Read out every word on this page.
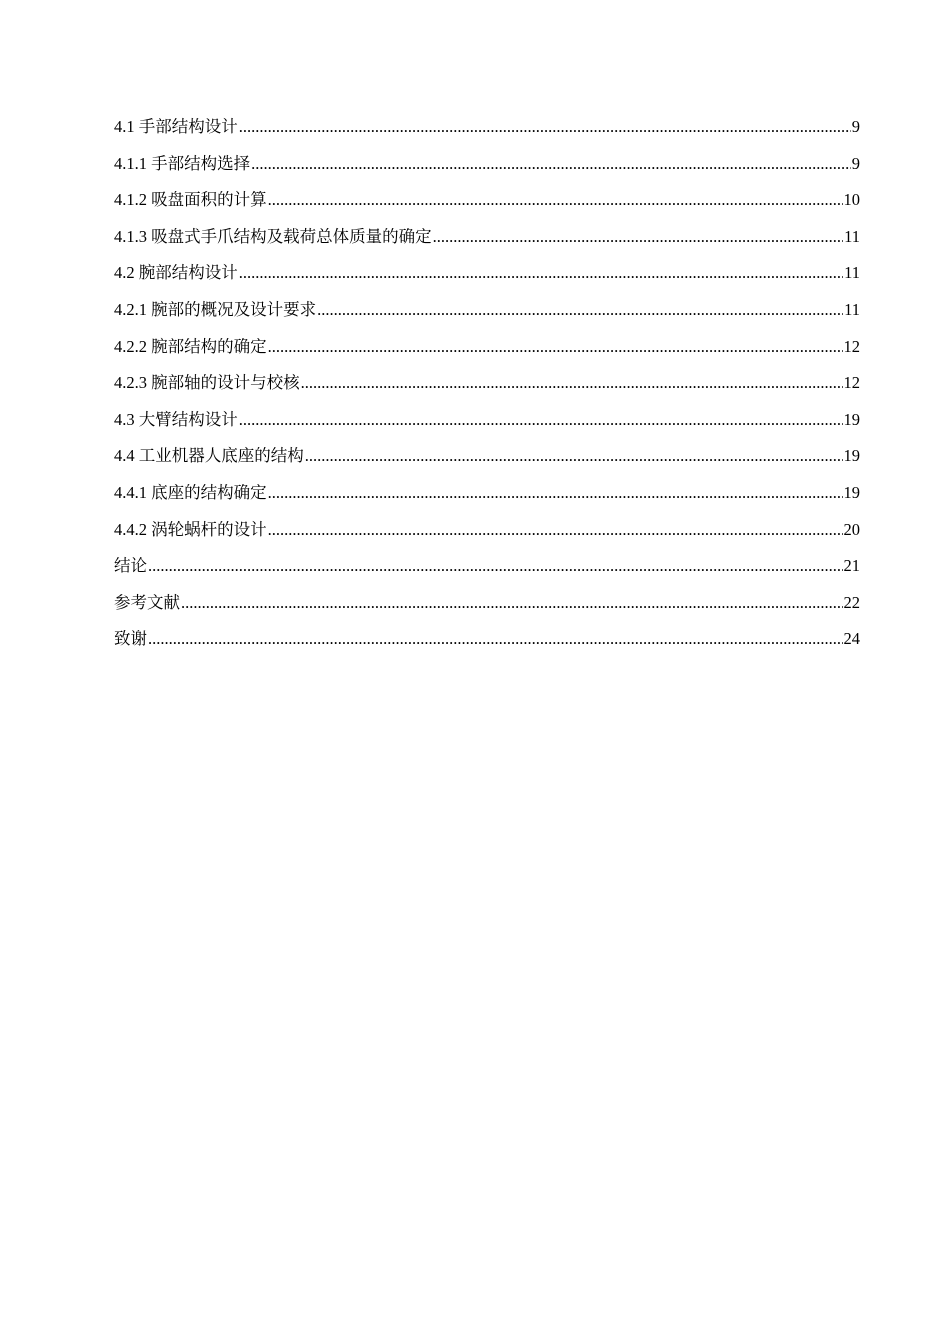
4.1 手部结构设计 .....	9
4.1.1 手部结构选择 .....	9
4.1.2 吸盘面积的计算 .....	10
4.1.3 吸盘式手爪结构及载荷总体质量的确定 .....	11
4.2 腕部结构设计 .....	11
4.2.1 腕部的概况及设计要求 .....	11
4.2.2 腕部结构的确定 .....	12
4.2.3 腕部轴的设计与校核 .....	12
4.3 大臂结构设计 .....	19
4.4 工业机器人底座的结构 .....	19
4.4.1 底座的结构确定 .....	19
4.4.2 涡轮蜗杆的设计 .....	20
结论 .....	21
参考文献 .....	22
致谢 .....	24
